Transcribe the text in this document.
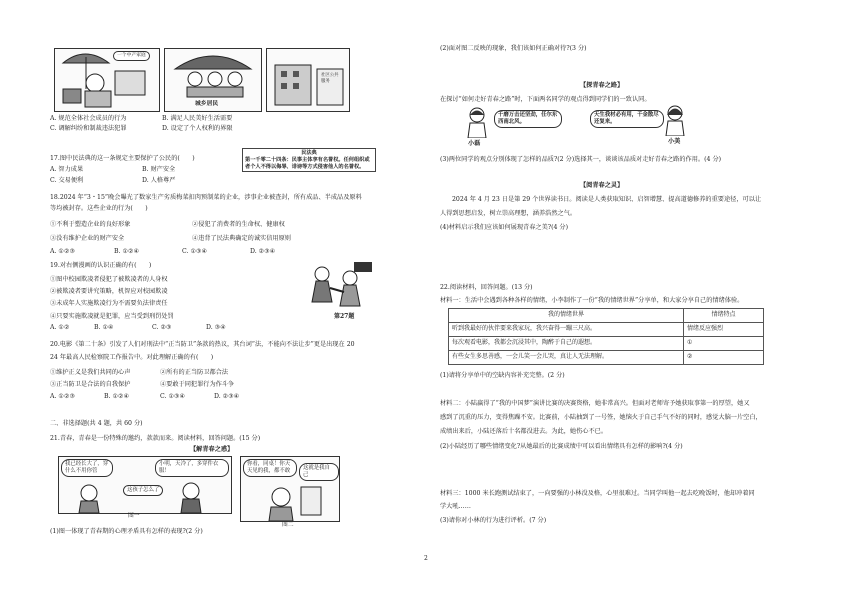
一个中产家庭
城乡居民
社区公共服务
A. 规范全体社会成员的行为	B. 满足人民美好生活需要
C. 调解纠纷和制裁违法犯罪	D. 设定了个人权利的界限
17.图中民法典的这一条规定主要保护了公民的(　　)
民法典
第一千零二十四条：民事主体享有名誉权。任何组织或者个人不得以侮辱、诽谤等方式侵害他人的名誉权。
A. 智力成果	B. 财产安全
C. 交易便利	D. 人格尊严
18.2024 年“3・15”晚会曝光了数家生产劣质梅菜扣肉预制菜的企业，涉事企业被查封，所有成品、半成品及原料
等均被封存。这些企业的行为(　　)
①不利于塑造企业的良好形象	②侵犯了消费者的生命权、健康权
③没有维护企业的财产安全	④违背了民法典确定的诚实信用原则
A. ①②③	B. ①②④	C. ①③④	D. ②③④
19.对右侧漫画的认识正确的有(　　)
①图中校园欺凌者侵犯了被欺凌者的人身权
②被欺凌者要讲究策略，机智应对校园欺凌
③未成年人实施欺凌行为不需要负法律责任
④只要实施欺凌就是犯罪，应当受到刑罚处罚
A. ①②	B. ①④	C. ②③	D. ③④
第27题
20.电影《第二十条》引发了人们对刑法中“正当防卫”条款的热议，其台词“法，不能向不法让步”更是出现在 20
24 年最高人民检察院工作报告中。对此理解正确的有(　　)
①维护正义是我们共同的心声	②所有的正当防卫都合法
③正当防卫是合法的自我保护	④要敢于同犯罪行为作斗争
A. ①②③	B. ①②④	C. ①③④	D. ②③④
二、非选择题(共 4 题，共 60 分)
21.青春，青春是一份特殊的邀约，款款而来。阅读材料，回答问题。(15 分)
【解青春之惑】
我已经长大了，穿什么不用你管
小明，天冷了，多穿件衣服！
这孩子怎么了
图一
你看，同桌！你天天见的我，都不敢	这就是我自己
图二
(1)图一体现了青春期的心理矛盾具有怎样的表现?(2 分)
(2)面对图二反映的现象，我们该如何正确对待?(3 分)
【探青春之路】
在探讨“如何走好青春之路”时，下面两名同学的观点得到同学们的一致认同。
千磨万击还坚劲，任尔东西南北风。
小磊
天生我材必有用，千金散尽还复来。
小美
(3)两位同学的观点分别体现了怎样的品质?(2 分)选择其一，谈谈该品质对走好青春之路的作用。(4 分)
【阅青春之灵】
2024 年 4 月 23 日是第 29 个世界读书日。阅读是人类获取知识、启智增慧、提高道德修养的重要途径，可以让
人得到思想启发，树立崇高理想，涵养浩然之气。
(4)材料启示我们应该如何展现青春之美?(4 分)
22.阅读材料，回答问题。(13 分)
材料一：生活中会遇到各种各样的情绪，小李制作了一份“我的情绪世界”分享单，和大家分享自己的情绪体验。
我的情绪世界	情绪特点
听到我最好的伙伴要来我家玩，我兴奋得一蹦三尺高。	情绪反应强烈
每次观看电影，我都会沉浸其中，陶醉于自己的遐想。	①
有些女生多思善感，一会儿笑一会儿哭，真让人无法理解。	②
(1)请将分享单中的空缺内容补充完整。(2 分)
材料二：小陆赢得了“我的中国梦”演讲比赛的决赛资格，她非常高兴。但面对老师寄予她获取事第一的厚望，她又
感到了沉重的压力，变得焦躁不安。比赛前，小陆抽到了一号签，她恼火于自己手气不好的同时，感觉大脑一片空白，
成绩出来后，小陆还落后十名都没进去。为此，她伤心不已。
(2)小陆经历了哪些情绪变化?从她最后的比赛成绩中可以看出情绪具有怎样的影响?(4 分)
材料三：1000 米长跑测试结束了，一向要强的小林没及格，心里很难过。当同学叫他一起去吃晚饭时，他却冲着同
学大吼……
(3)请你对小林的行为进行评析。(7 分)
2
